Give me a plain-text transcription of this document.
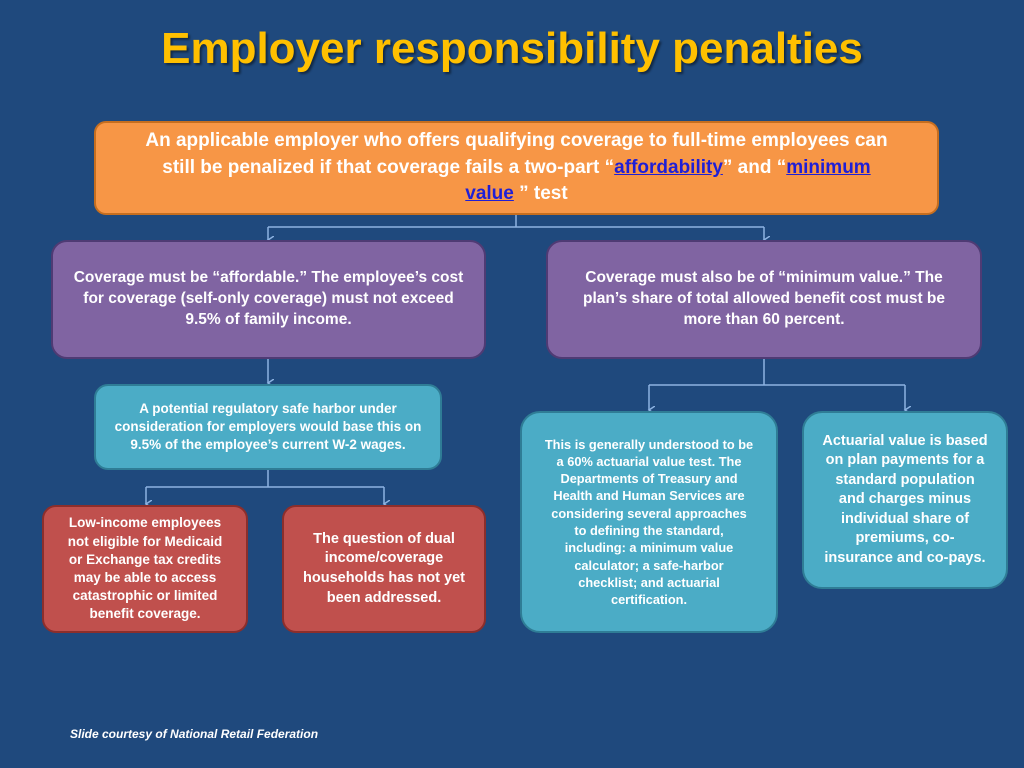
Employer responsibility penalties

An applicable employer who offers qualifying coverage to full-time employees can still be penalized if that coverage fails a two-part “affordability” and “minimum value ” test

Coverage must be “affordable.” The employee’s cost for coverage (self-only coverage) must not exceed 9.5% of family income.

Coverage must also be of “minimum value.” The plan’s share of total allowed benefit cost must be more than 60 percent.

A potential regulatory safe harbor under consideration for employers would base this on 9.5% of the employee’s current W-2 wages.

Low-income employees not eligible for Medicaid or Exchange tax credits may be able to access catastrophic or limited benefit coverage.

The question of dual income/coverage households has not yet been addressed.

This is generally understood to be a 60% actuarial value test. The Departments of Treasury and Health and Human Services are considering several approaches to defining the standard, including: a minimum value calculator; a safe-harbor checklist; and actuarial certification.

Actuarial value is based on plan payments for a standard population and charges minus individual share of premiums, co-insurance and co-pays.

Slide courtesy of National Retail Federation
